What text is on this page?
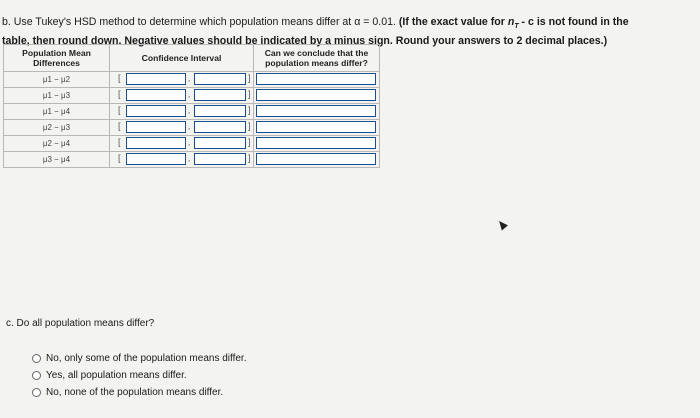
b. Use Tukey's HSD method to determine which population means differ at α = 0.01. (If the exact value for $n_T$ - c is not found in the
table, then round down. Negative values should be indicated by a minus sign. Round your answers to 2 decimal places.)
Population Mean Differences	Confidence Interval	Can we conclude that the population means differ?
μ1 − μ2	[ , ]	

μ1 − μ3	[ , ]	

μ1 − μ4	[ , ]	

μ2 − μ3	[ , ]	

μ2 − μ4	[ , ]	

μ3 − μ4	[ , ]	

c. Do all population means differ?
No, only some of the population means differ.
Yes, all population means differ.
No, none of the population means differ.
